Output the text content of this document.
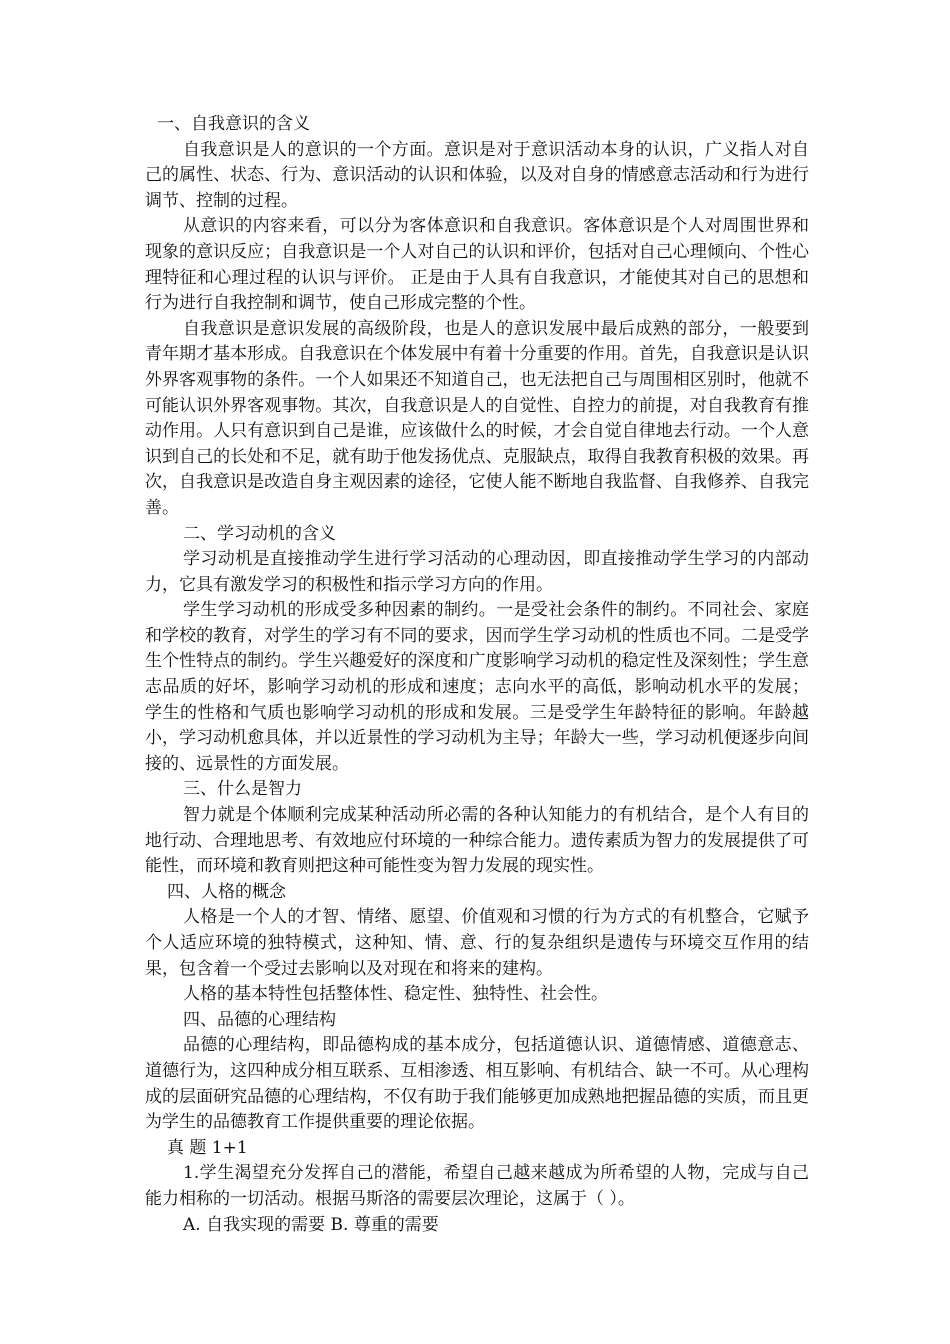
一、自我意识的含义

自我意识是人的意识的一个方面。意识是对于意识活动本身的认识，广义指人对自己的属性、状态、行为、意识活动的认识和体验，以及对自身的情感意志活动和行为进行调节、控制的过程。

从意识的内容来看，可以分为客体意识和自我意识。客体意识是个人对周围世界和现象的意识反应；自我意识是一个人对自己的认识和评价，包括对自己心理倾向、个性心理特征和心理过程的认识与评价。 正是由于人具有自我意识，才能使其对自己的思想和行为进行自我控制和调节，使自己形成完整的个性。

自我意识是意识发展的高级阶段，也是人的意识发展中最后成熟的部分，一般要到青年期才基本形成。自我意识在个体发展中有着十分重要的作用。首先，自我意识是认识外界客观事物的条件。一个人如果还不知道自己，也无法把自己与周围相区别时，他就不可能认识外界客观事物。其次，自我意识是人的自觉性、自控力的前提，对自我教育有推动作用。人只有意识到自己是谁，应该做什么的时候，才会自觉自律地去行动。一个人意识到自己的长处和不足，就有助于他发扬优点、克服缺点，取得自我教育积极的效果。再次，自我意识是改造自身主观因素的途径，它使人能不断地自我监督、自我修养、自我完善。

二、学习动机的含义

学习动机是直接推动学生进行学习活动的心理动因，即直接推动学生学习的内部动力，它具有激发学习的积极性和指示学习方向的作用。

学生学习动机的形成受多种因素的制约。一是受社会条件的制约。不同社会、家庭和学校的教育，对学生的学习有不同的要求，因而学生学习动机的性质也不同。二是受学生个性特点的制约。学生兴趣爱好的深度和广度影响学习动机的稳定性及深刻性；学生意志品质的好坏，影响学习动机的形成和速度；志向水平的高低，影响动机水平的发展； 学生的性格和气质也影响学习动机的形成和发展。三是受学生年龄特征的影响。年龄越小，学习动机愈具体，并以近景性的学习动机为主导；年龄大一些，学习动机便逐步向间接的、远景性的方面发展。

三、什么是智力

智力就是个体顺利完成某种活动所必需的各种认知能力的有机结合，是个人有目的地行动、合理地思考、有效地应付环境的一种综合能力。遗传素质为智力的发展提供了可能性，而环境和教育则把这种可能性变为智力发展的现实性。

四、人格的概念

人格是一个人的才智、情绪、愿望、价值观和习惯的行为方式的有机整合，它赋予个人适应环境的独特模式，这种知、情、意、行的复杂组织是遗传与环境交互作用的结果，包含着一个受过去影响以及对现在和将来的建构。

人格的基本特性包括整体性、稳定性、独特性、社会性。

四、品德的心理结构

品德的心理结构，即品德构成的基本成分，包括道德认识、道德情感、道德意志、道德行为，这四种成分相互联系、互相渗透、相互影响、有机结合、缺一不可。从心理构成的层面研究品德的心理结构，不仅有助于我们能够更加成熟地把握品德的实质，而且更为学生的品德教育工作提供重要的理论依据。

真 题 1+1

1.学生渴望充分发挥自己的潜能，希望自己越来越成为所希望的人物，完成与自己能力相称的一切活动。根据马斯洛的需要层次理论，这属于（ ）。

A. 自我实现的需要 B. 尊重的需要
